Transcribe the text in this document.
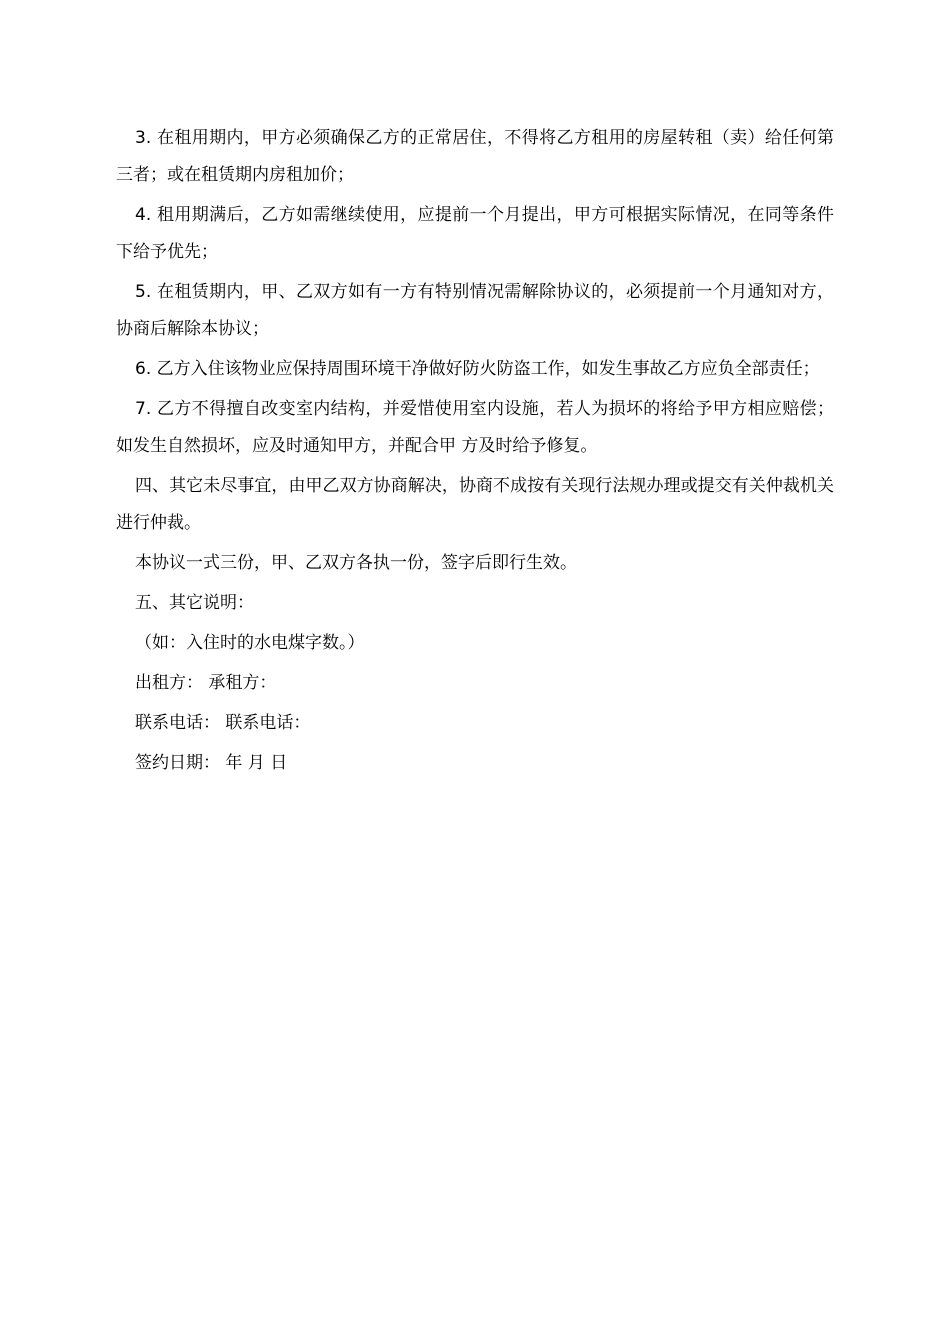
3. 在租用期内，甲方必须确保乙方的正常居住，不得将乙方租用的房屋转租（卖）给任何第三者；或在租赁期内房租加价；

4. 租用期满后，乙方如需继续使用，应提前一个月提出，甲方可根据实际情况，在同等条件下给予优先；

5. 在租赁期内，甲、乙双方如有一方有特别情况需解除协议的，必须提前一个月通知对方，协商后解除本协议；

6. 乙方入住该物业应保持周围环境干净做好防火防盗工作，如发生事故乙方应负全部责任；

7. 乙方不得擅自改变室内结构，并爱惜使用室内设施，若人为损坏的将给予甲方相应赔偿；如发生自然损坏，应及时通知甲方，并配合甲 方及时给予修复。

四、其它未尽事宜，由甲乙双方协商解决，协商不成按有关现行法规办理或提交有关仲裁机关进行仲裁。

本协议一式三份，甲、乙双方各执一份，签字后即行生效。

五、其它说明：

（如：入住时的水电煤字数。）

出租方： 承租方：

联系电话： 联系电话：

签约日期： 年 月 日
